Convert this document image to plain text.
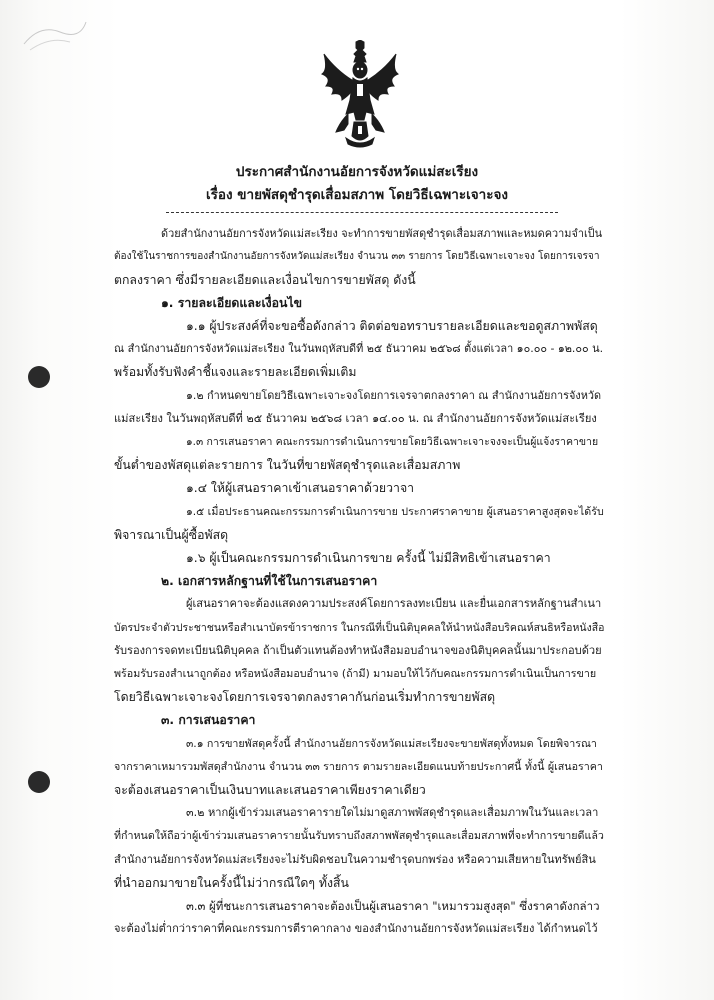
ประกาศสำนักงานอัยการจังหวัดแม่สะเรียง
เรื่อง ขายพัสดุชำรุดเสื่อมสภาพ โดยวิธีเฉพาะเจาะจง
ด้วยสำนักงานอัยการจังหวัดแม่สะเรียง จะทำการขายพัสดุชำรุดเสื่อมสภาพและหมดความจำเป็น
ต้องใช้ในราชการของสำนักงานอัยการจังหวัดแม่สะเรียง จำนวน ๓๓ รายการ โดยวิธีเฉพาะเจาะจง โดยการเจรจา
ตกลงราคา ซึ่งมีรายละเอียดและเงื่อนไขการขายพัสดุ ดังนี้
๑. รายละเอียดและเงื่อนไข
๑.๑ ผู้ประสงค์ที่จะขอซื้อดังกล่าว ติดต่อขอทราบรายละเอียดและขอดูสภาพพัสดุ
ณ สำนักงานอัยการจังหวัดแม่สะเรียง ในวันพฤหัสบดีที่ ๒๕ ธันวาคม ๒๕๖๘ ตั้งแต่เวลา ๑๐.๐๐ - ๑๒.๐๐ น.
พร้อมทั้งรับฟังคำชี้แจงและรายละเอียดเพิ่มเติม
๑.๒ กำหนดขายโดยวิธีเฉพาะเจาะจงโดยการเจรจาตกลงราคา ณ สำนักงานอัยการจังหวัด
แม่สะเรียง ในวันพฤหัสบดีที่ ๒๕ ธันวาคม ๒๕๖๘ เวลา ๑๔.๐๐ น. ณ สำนักงานอัยการจังหวัดแม่สะเรียง
๑.๓ การเสนอราคา คณะกรรมการดำเนินการขายโดยวิธีเฉพาะเจาะจงจะเป็นผู้แจ้งราคาขาย
ขั้นต่ำของพัสดุแต่ละรายการ ในวันที่ขายพัสดุชำรุดและเสื่อมสภาพ
๑.๔ ให้ผู้เสนอราคาเข้าเสนอราคาด้วยวาจา
๑.๕ เมื่อประธานคณะกรรมการดำเนินการขาย ประกาศราคาขาย ผู้เสนอราคาสูงสุดจะได้รับ
พิจารณาเป็นผู้ซื้อพัสดุ
๑.๖ ผู้เป็นคณะกรรมการดำเนินการขาย ครั้งนี้ ไม่มีสิทธิเข้าเสนอราคา
๒. เอกสารหลักฐานที่ใช้ในการเสนอราคา
ผู้เสนอราคาจะต้องแสดงความประสงค์โดยการลงทะเบียน และยื่นเอกสารหลักฐานสำเนา
บัตรประจำตัวประชาชนหรือสำเนาบัตรข้าราชการ ในกรณีที่เป็นนิติบุคคลให้นำหนังสือบริคณห์สนธิหรือหนังสือ
รับรองการจดทะเบียนนิติบุคคล ถ้าเป็นตัวแทนต้องทำหนังสือมอบอำนาจของนิติบุคคลนั้นมาประกอบด้วย
พร้อมรับรองสำเนาถูกต้อง หรือหนังสือมอบอำนาจ (ถ้ามี) มามอบให้ไว้กับคณะกรรมการดำเนินเป็นการขาย
โดยวิธีเฉพาะเจาะจงโดยการเจรจาตกลงราคากันก่อนเริ่มทำการขายพัสดุ
๓. การเสนอราคา
๓.๑ การขายพัสดุครั้งนี้ สำนักงานอัยการจังหวัดแม่สะเรียงจะขายพัสดุทั้งหมด โดยพิจารณา
จากราคาเหมารวมพัสดุสำนักงาน จำนวน ๓๓ รายการ ตามรายละเอียดแนบท้ายประกาศนี้ ทั้งนี้ ผู้เสนอราคา
จะต้องเสนอราคาเป็นเงินบาทและเสนอราคาเพียงราคาเดียว
๓.๒ หากผู้เข้าร่วมเสนอราคารายใดไม่มาดูสภาพพัสดุชำรุดและเสื่อมภาพในวันและเวลา
ที่กำหนดให้ถือว่าผู้เข้าร่วมเสนอราคารายนั้นรับทราบถึงสภาพพัสดุชำรุดและเสื่อมสภาพที่จะทำการขายดีแล้ว
สำนักงานอัยการจังหวัดแม่สะเรียงจะไม่รับผิดชอบในความชำรุดบกพร่อง หรือความเสียหายในทรัพย์สิน
ที่นำออกมาขายในครั้งนี้ไม่ว่ากรณีใดๆ ทั้งสิ้น
๓.๓ ผู้ที่ชนะการเสนอราคาจะต้องเป็นผู้เสนอราคา "เหมารวมสูงสุด" ซึ่งราคาดังกล่าว
จะต้องไม่ต่ำกว่าราคาที่คณะกรรมการตีราคากลาง ของสำนักงานอัยการจังหวัดแม่สะเรียง ได้กำหนดไว้
